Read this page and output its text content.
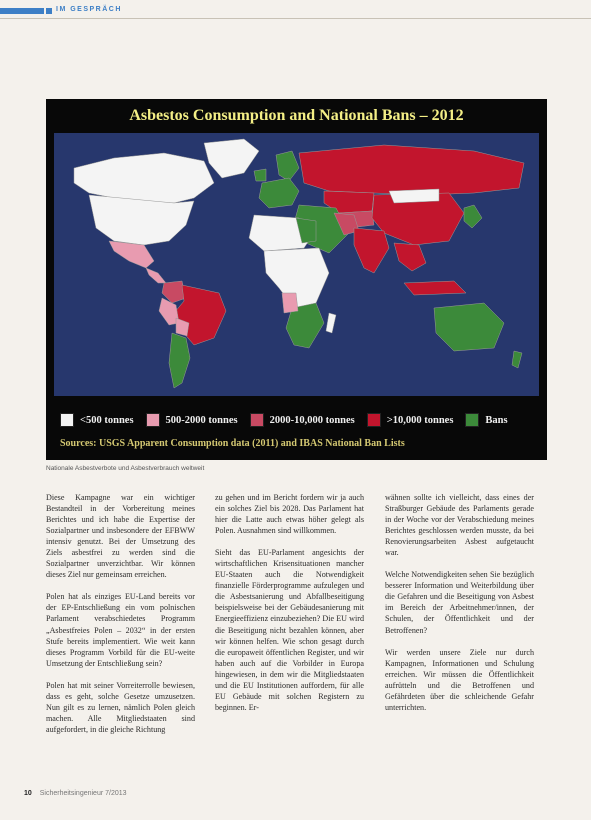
IM GESPRÄCH
Asbestos Consumption and National Bans – 2012
<500 tonnes	500-2000 tonnes	2000-10,000 tonnes	>10,000 tonnes	Bans
Sources: USGS Apparent Consumption data (2011) and IBAS National Ban Lists
Nationale Asbestverbote und Asbestverbrauch weltweit

Diese Kampagne war ein wichtiger Bestandteil in der Vorbereitung meines Berichtes und ich habe die Expertise der Sozialpartner und insbesondere der EFBWW intensiv genutzt. Bei der Umsetzung des Ziels asbestfrei zu werden sind die Sozialpartner unverzichtbar. Wir können dieses Ziel nur gemeinsam erreichen.

Polen hat als einziges EU-Land bereits vor der EP-Entschließung ein vom polnischen Parlament verabschiedetes Programm „Asbestfreies Polen – 2032“ in der ersten Stufe bereits implementiert. Wie weit kann dieses Programm Vorbild für die EU-weite Umsetzung der Entschließung sein?

Polen hat mit seiner Vorreiterrolle bewiesen, dass es geht, solche Gesetze umzusetzen. Nun gilt es zu lernen, nämlich Polen gleich machen. Alle Mitgliedstaaten sind aufgefordert, in die gleiche Richtung

zu gehen und im Bericht fordern wir ja auch ein solches Ziel bis 2028. Das Parlament hat hier die Latte auch etwas höher gelegt als Polen. Ausnahmen sind willkommen.

Sieht das EU-Parlament angesichts der wirtschaftlichen Krisensituationen mancher EU-Staaten auch die Notwendigkeit finanzielle Förderprogramme aufzulegen und die Asbestsanierung und Abfallbeseitigung beispielsweise bei der Gebäudesanierung mit Energieeffizienz einzubeziehen? Die EU wird die Beseitigung nicht bezahlen können, aber wir können helfen. Wie schon gesagt durch die europaweit öffentlichen Register, und wir haben auch auf die Vorbilder in Europa hingewiesen, in dem wir die Mitgliedstaaten und die EU Institutionen auffordern, für alle EU Gebäude mit solchen Registern zu beginnen. Er-

wähnen sollte ich vielleicht, dass eines der Straßburger Gebäude des Parlaments gerade in der Woche vor der Verabschiedung meines Berichtes geschlossen werden musste, da bei Renovierungsarbeiten Asbest aufgetaucht war.

Welche Notwendigkeiten sehen Sie bezüglich besserer Information und Weiterbildung über die Gefahren und die Beseitigung von Asbest im Bereich der Arbeitnehmer/innen, der Schulen, der Öffentlichkeit und der Betroffenen?

Wir werden unsere Ziele nur durch Kampagnen, Informationen und Schulung erreichen. Wir müssen die Öffentlichkeit aufrütteln und die Betroffenen und Gefährdeten über die schleichende Gefahr unterrichten.

10 Sicherheitsingenieur 7/2013
